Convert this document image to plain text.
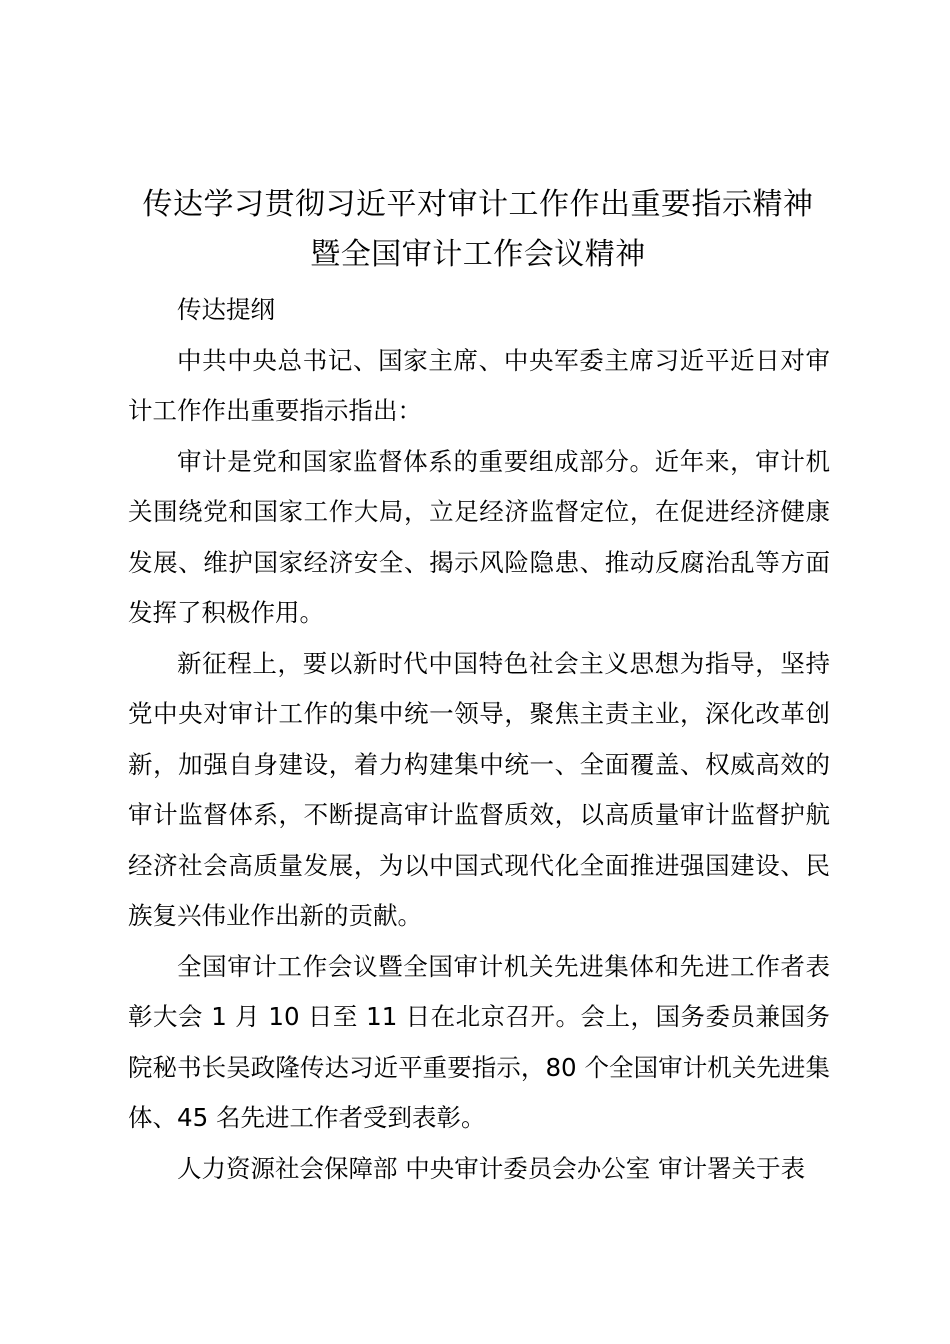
传达学习贯彻习近平对审计工作作出重要指示精神暨全国审计工作会议精神

传达提纲

中共中央总书记、国家主席、中央军委主席习近平近日对审计工作作出重要指示指出：

审计是党和国家监督体系的重要组成部分。近年来，审计机关围绕党和国家工作大局，立足经济监督定位，在促进经济健康发展、维护国家经济安全、揭示风险隐患、推动反腐治乱等方面发挥了积极作用。

新征程上，要以新时代中国特色社会主义思想为指导，坚持党中央对审计工作的集中统一领导，聚焦主责主业，深化改革创新，加强自身建设，着力构建集中统一、全面覆盖、权威高效的审计监督体系，不断提高审计监督质效，以高质量审计监督护航经济社会高质量发展，为以中国式现代化全面推进强国建设、民族复兴伟业作出新的贡献。

全国审计工作会议暨全国审计机关先进集体和先进工作者表彰大会 1 月 10 日至 11 日在北京召开。会上，国务委员兼国务院秘书长吴政隆传达习近平重要指示，80 个全国审计机关先进集体、45 名先进工作者受到表彰。

人力资源社会保障部 中央审计委员会办公室 审计署关于表
